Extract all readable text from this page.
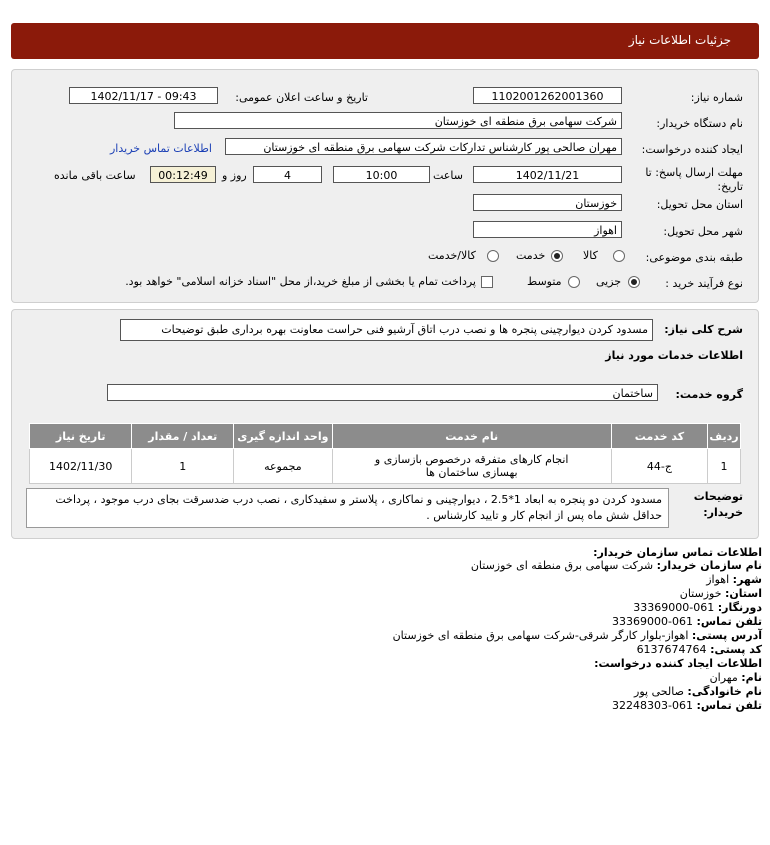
جزئیات اطلاعات نیاز
شماره نیاز:
1102001262001360
تاریخ و ساعت اعلان عمومی:
1402/11/17 - 09:43
نام دستگاه خریدار:
شرکت سهامی برق منطقه ای خوزستان
ایجاد کننده درخواست:
مهران صالحی پور کارشناس تدارکات شرکت سهامی برق منطقه ای خوزستان
اطلاعات تماس خریدار
مهلت ارسال پاسخ: تا
تاریخ:
1402/11/21
ساعت
10:00
4
روز و
00:12:49
ساعت باقی مانده
استان محل تحویل:
خوزستان
شهر محل تحویل:
اهواز
طبقه بندی موضوعی:
کالا
خدمت
کالا/خدمت
نوع فرآیند خرید :
جزیی
متوسط
پرداخت تمام یا بخشی از مبلغ خرید،از محل "اسناد خزانه اسلامی" خواهد بود.
شرح کلی نیاز:
مسدود کردن دیوارچینی پنجره ها و نصب درب اتاق آرشیو فنی حراست معاونت بهره برداری طبق توضیحات
اطلاعات خدمات مورد نیاز
گروه خدمت:
ساختمان
ردیف	کد خدمت	نام خدمت	واحد اندازه گیری	تعداد / مقدار	تاریخ نیاز
1	ج-44	انجام کارهای متفرقه درخصوص بازسازی و بهسازی ساختمان ها	مجموعه	1	1402/11/30
توضیحات
خریدار:
مسدود کردن دو پنجره به ابعاد 1*2.5 ، دیوارچینی و نماکاری ، پلاستر و سفیدکاری ، نصب درب ضدسرقت بجای درب موجود ، پرداخت حداقل شش ماه پس از انجام کار و تایید کارشناس .
اطلاعات تماس سازمان خریدار:
نام سازمان خریدار: شرکت سهامی برق منطقه ای خوزستان
شهر: اهواز
استان: خوزستان
دورنگار: 061-33369000
تلفن تماس: 061-33369000
آدرس پستی: اهواز-بلوار کارگر شرقی-شرکت سهامی برق منطقه ای خوزستان
کد پستی: 6137674764
اطلاعات ایجاد کننده درخواست:
نام: مهران
نام خانوادگی: صالحی پور
تلفن تماس: 061-32248303
